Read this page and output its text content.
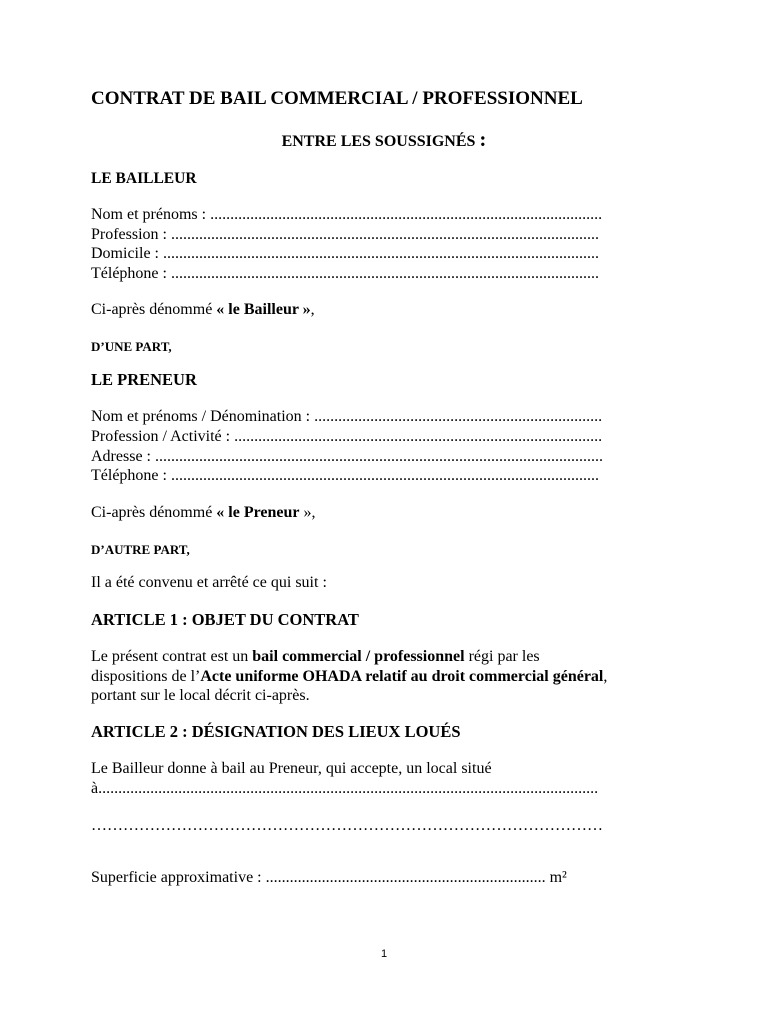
CONTRAT DE BAIL COMMERCIAL / PROFESSIONNEL

ENTRE LES SOUSSIGNÉS :

LE BAILLEUR

Nom et prénoms : ..................................................................................................

Profession : ...........................................................................................................

Domicile : .............................................................................................................

Téléphone : ...........................................................................................................

Ci-après dénommé « le Bailleur »,

D’UNE PART,

LE PRENEUR

Nom et prénoms / Dénomination : ........................................................................

Profession / Activité : ............................................................................................

Adresse : ................................................................................................................

Téléphone : ...........................................................................................................

Ci-après dénommé « le Preneur »,

D’AUTRE PART,

Il a été convenu et arrêté ce qui suit :

ARTICLE 1 : OBJET DU CONTRAT

Le présent contrat est un bail commercial / professionnel régi par les

dispositions de l’Acte uniforme OHADA relatif au droit commercial général,

portant sur le local décrit ci-après.

ARTICLE 2 : DÉSIGNATION DES LIEUX LOUÉS

Le Bailleur donne à bail au Preneur, qui accepte, un local situé

à.............................................................................................................................

……………………………………………………………………………………

Superficie approximative : ...................................................................... m²

1
